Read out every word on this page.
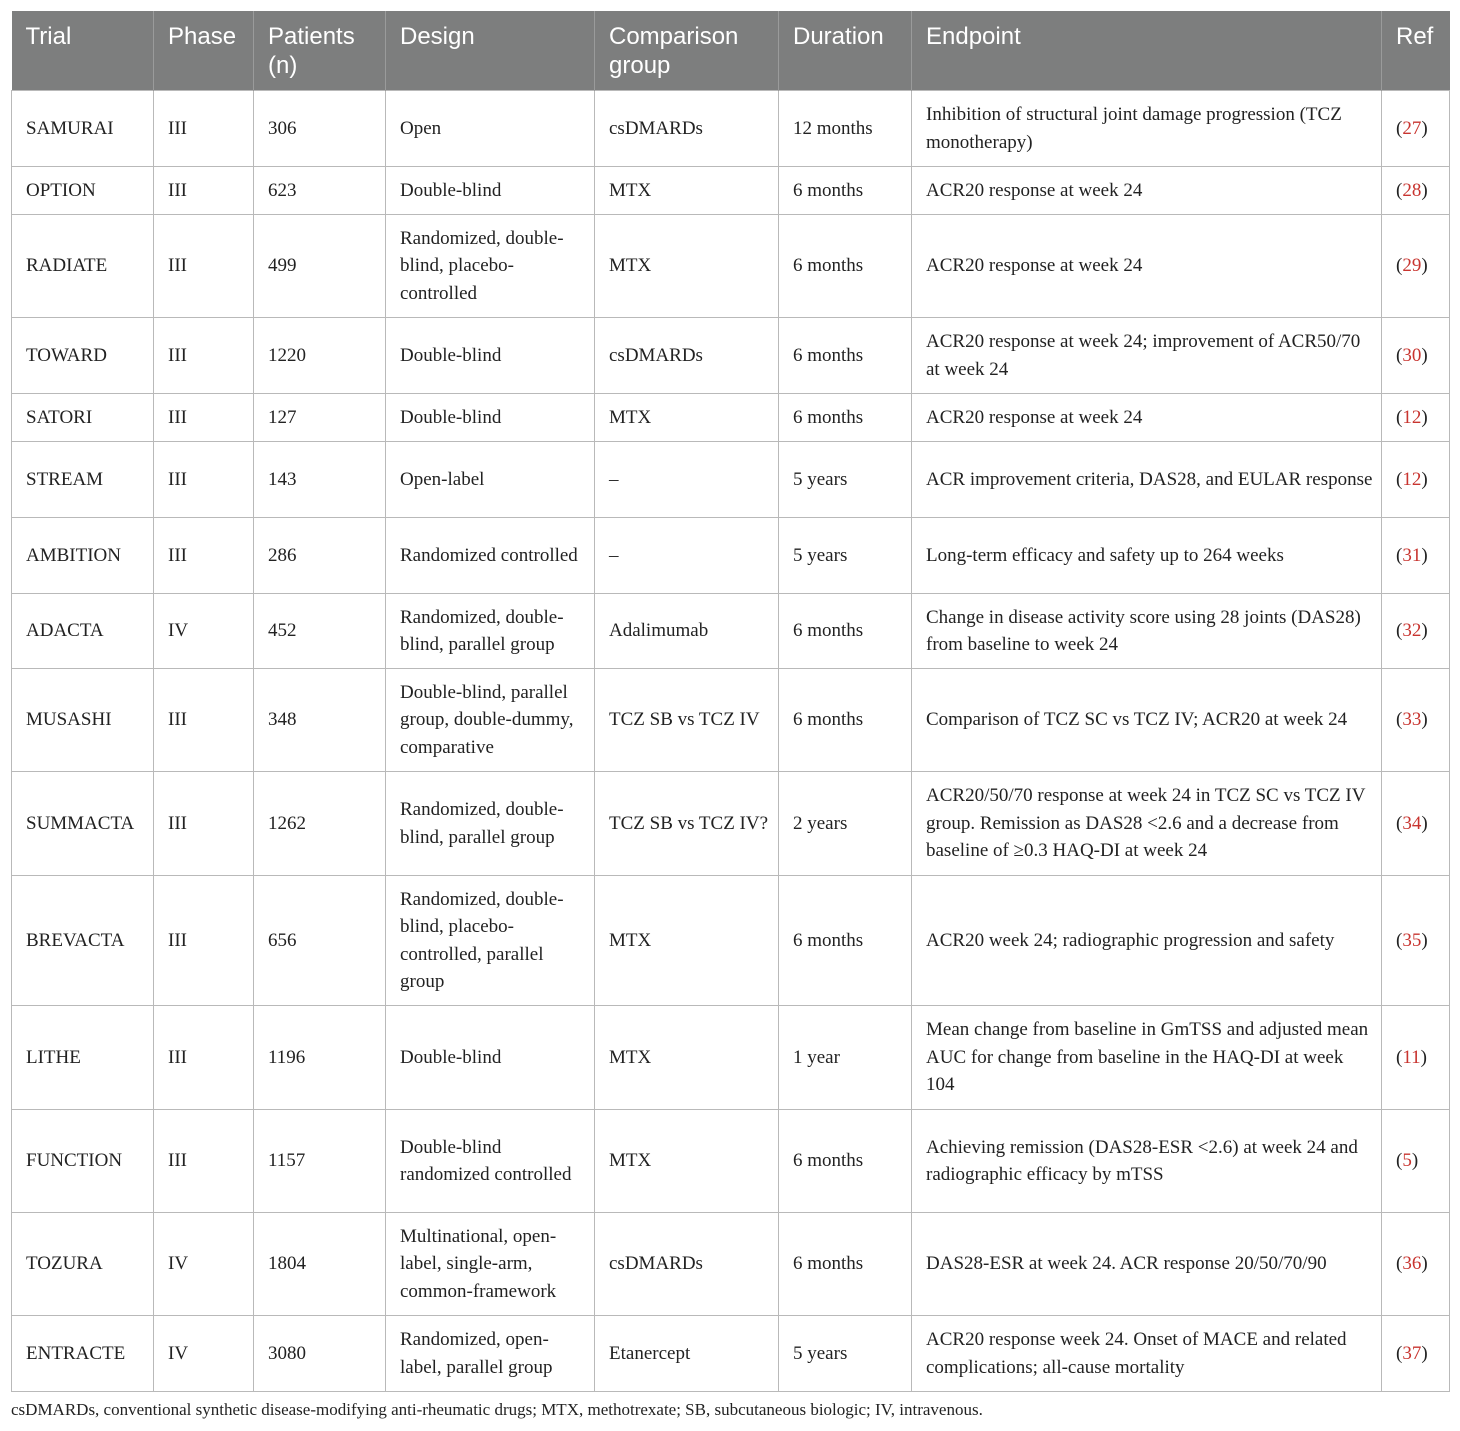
Trial	Phase	Patients (n)	Design	Comparison group	Duration	Endpoint	Ref
SAMURAI	III	306	Open	csDMARDs	12 months	Inhibition of structural joint damage progression (TCZ monotherapy)	(27)
OPTION	III	623	Double-blind	MTX	6 months	ACR20 response at week 24	(28)
RADIATE	III	499	Randomized, double-blind, placebo-controlled	MTX	6 months	ACR20 response at week 24	(29)
TOWARD	III	1220	Double-blind	csDMARDs	6 months	ACR20 response at week 24; improvement of ACR50/70 at week 24	(30)
SATORI	III	127	Double-blind	MTX	6 months	ACR20 response at week 24	(12)
STREAM	III	143	Open-label	–	5 years	ACR improvement criteria, DAS28, and EULAR response	(12)
AMBITION	III	286	Randomized controlled	–	5 years	Long-term efficacy and safety up to 264 weeks	(31)
ADACTA	IV	452	Randomized, double-blind, parallel group	Adalimumab	6 months	Change in disease activity score using 28 joints (DAS28) from baseline to week 24	(32)
MUSASHI	III	348	Double-blind, parallel group, double-dummy, comparative	TCZ SB vs TCZ IV	6 months	Comparison of TCZ SC vs TCZ IV; ACR20 at week 24	(33)
SUMMACTA	III	1262	Randomized, double-blind, parallel group	TCZ SB vs TCZ IV?	2 years	ACR20/50/70 response at week 24 in TCZ SC vs TCZ IV group. Remission as DAS28 <2.6 and a decrease from baseline of ≥0.3 HAQ-DI at week 24	(34)
BREVACTA	III	656	Randomized, double-blind, placebo-controlled, parallel group	MTX	6 months	ACR20 week 24; radiographic progression and safety	(35)
LITHE	III	1196	Double-blind	MTX	1 year	Mean change from baseline in GmTSS and adjusted mean AUC for change from baseline in the HAQ-DI at week 104	(11)
FUNCTION	III	1157	Double-blind randomized controlled	MTX	6 months	Achieving remission (DAS28-ESR <2.6) at week 24 and radiographic efficacy by mTSS	(5)
TOZURA	IV	1804	Multinational, open-label, single-arm, common-framework	csDMARDs	6 months	DAS28-ESR at week 24. ACR response 20/50/70/90	(36)
ENTRACTE	IV	3080	Randomized, open-label, parallel group	Etanercept	5 years	ACR20 response week 24. Onset of MACE and related complications; all-cause mortality	(37)
csDMARDs, conventional synthetic disease-modifying anti-rheumatic drugs; MTX, methotrexate; SB, subcutaneous biologic; IV, intravenous.
